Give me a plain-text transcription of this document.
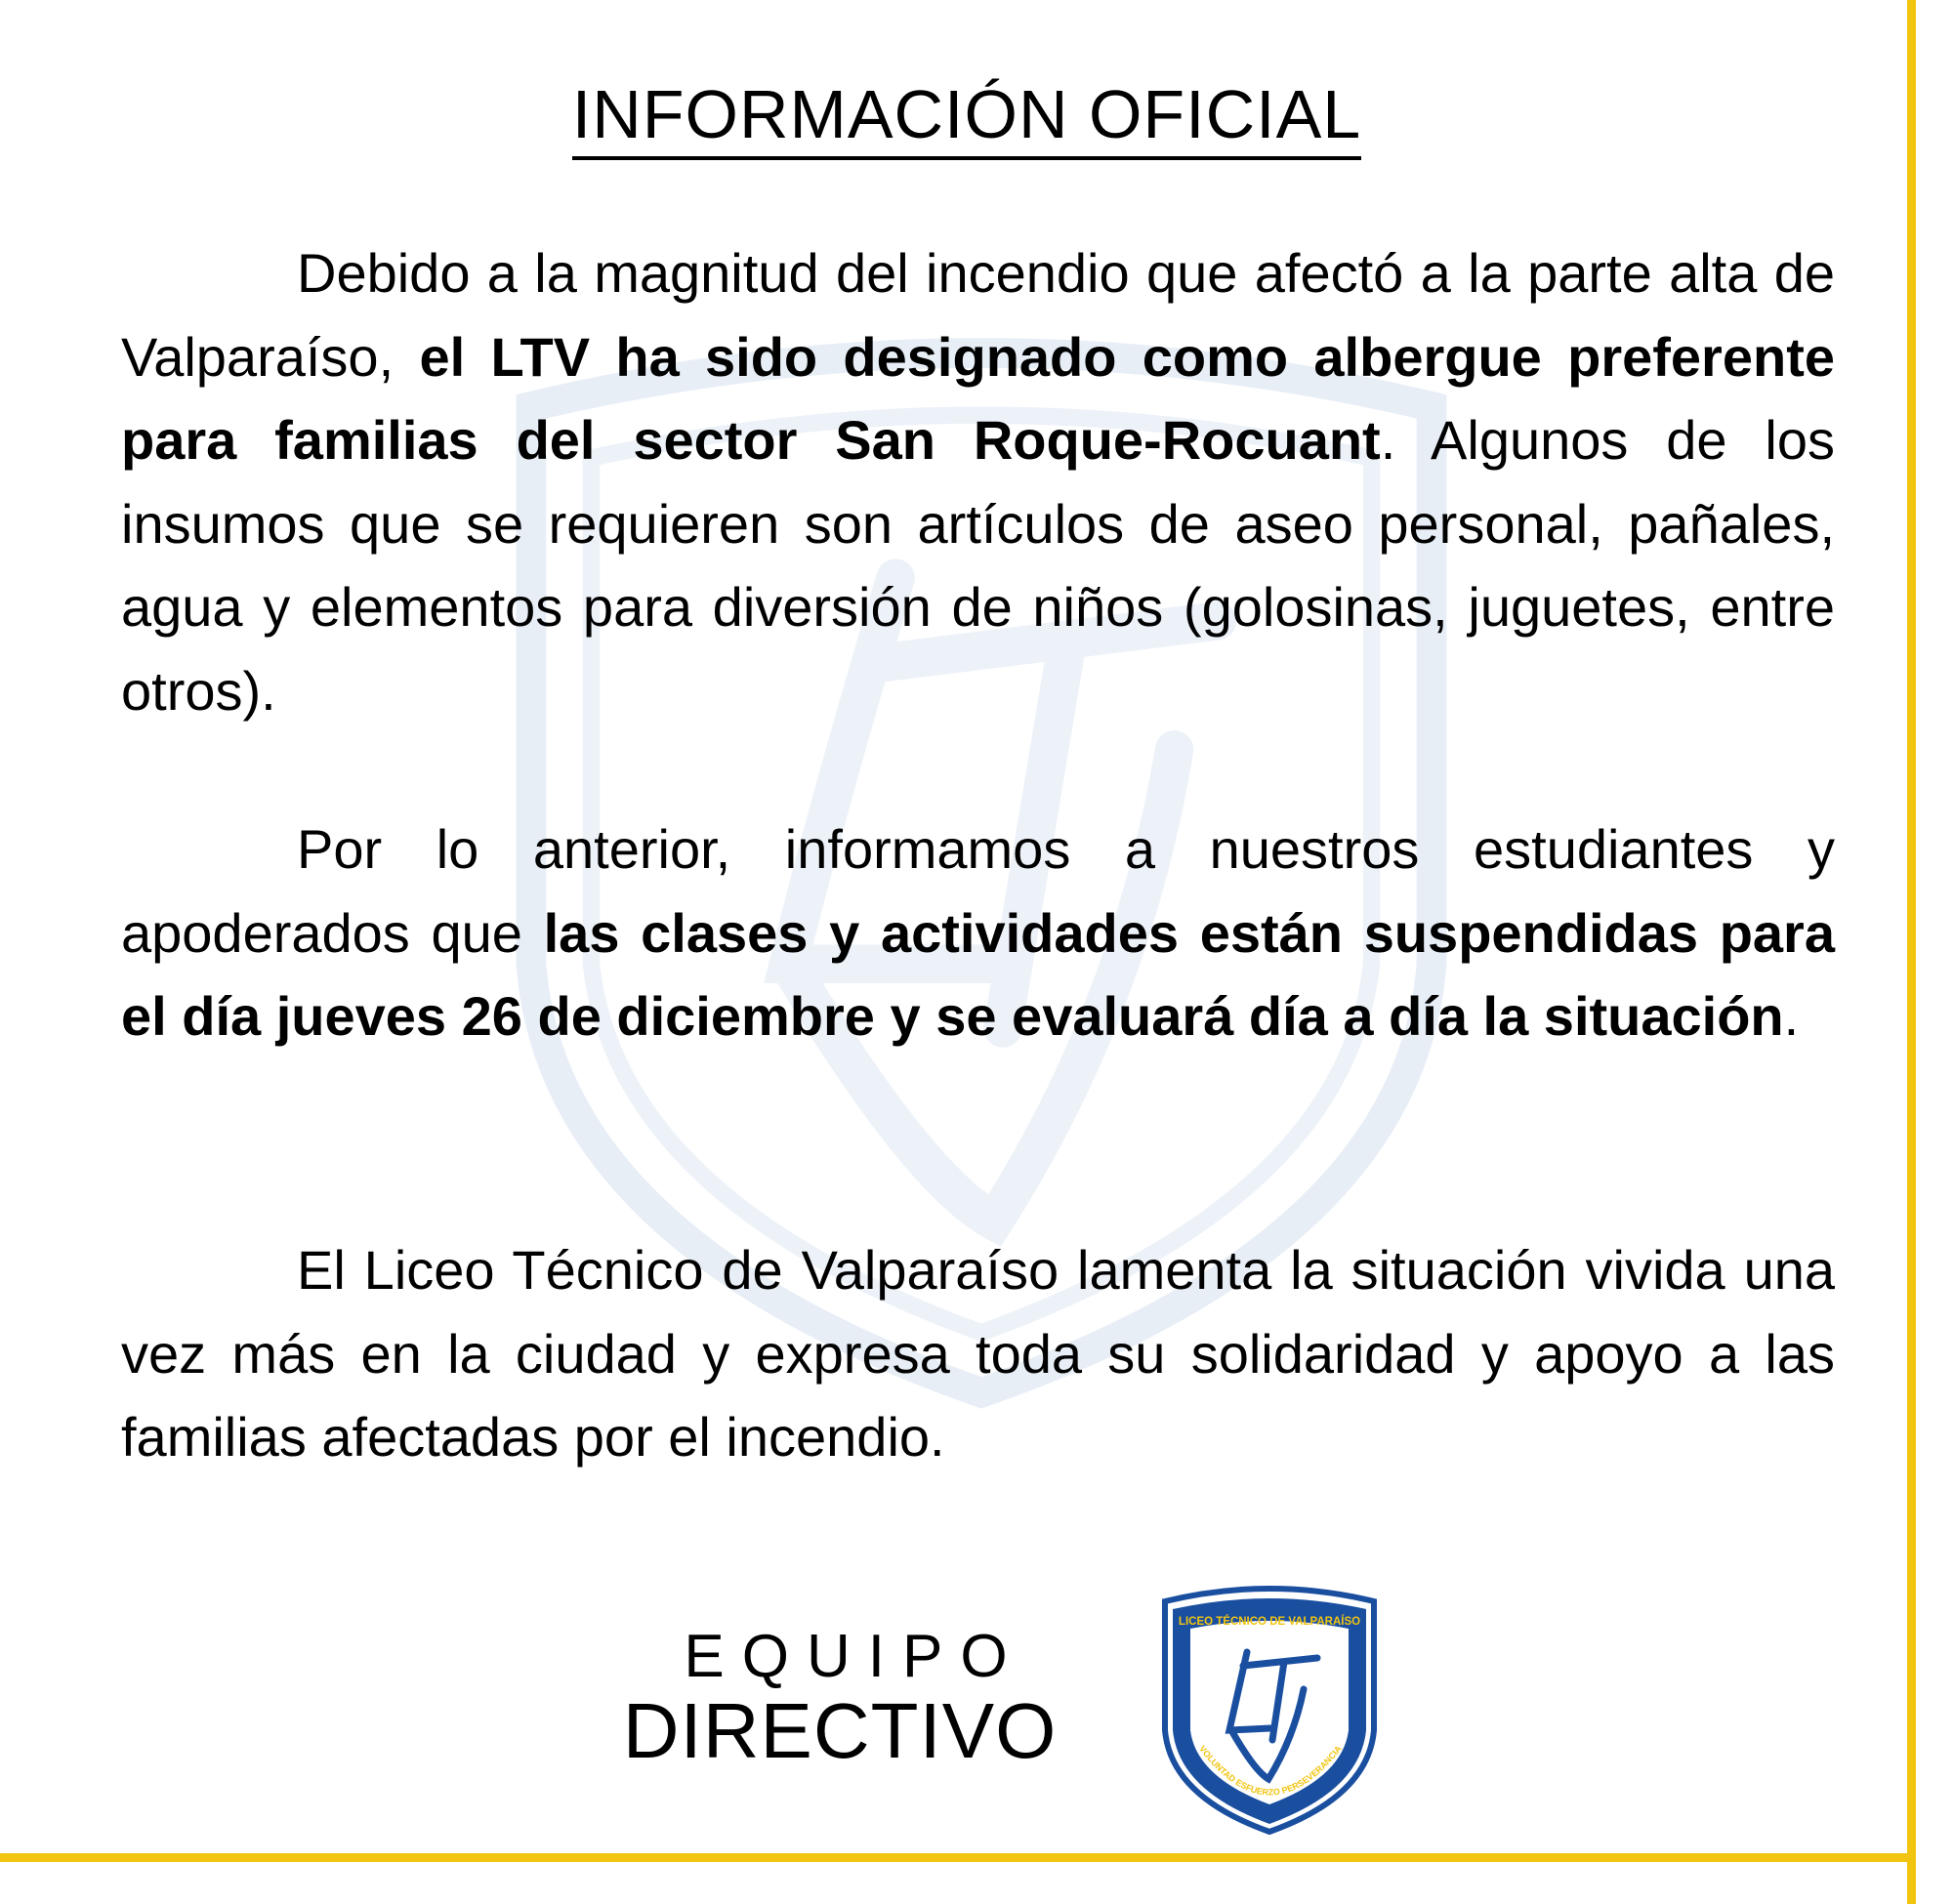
INFORMACIÓN OFICIAL

Debido a la magnitud del incendio que afectó a la parte alta de Valparaíso, el LTV ha sido designado como albergue preferente para familias del sector San Roque-Rocuant. Algunos de los insumos que se requieren son artículos de aseo personal, pañales, agua y elementos para diversión de niños (golosinas, juguetes, entre otros).

Por lo anterior, informamos a nuestros estudiantes y apoderados que las clases y actividades están suspendidas para el día jueves 26 de diciembre y se evaluará día a día la situación.

El Liceo Técnico de Valparaíso lamenta la situación vivida una vez más en la ciudad y expresa toda su solidaridad y apoyo a las familias afectadas por el incendio.

EQUIPO
DIRECTIVO
LICEO TÉCNICO DE VALPARAÍSO
VOLUNTAD ESFUERZO PERSEVERANCIA
